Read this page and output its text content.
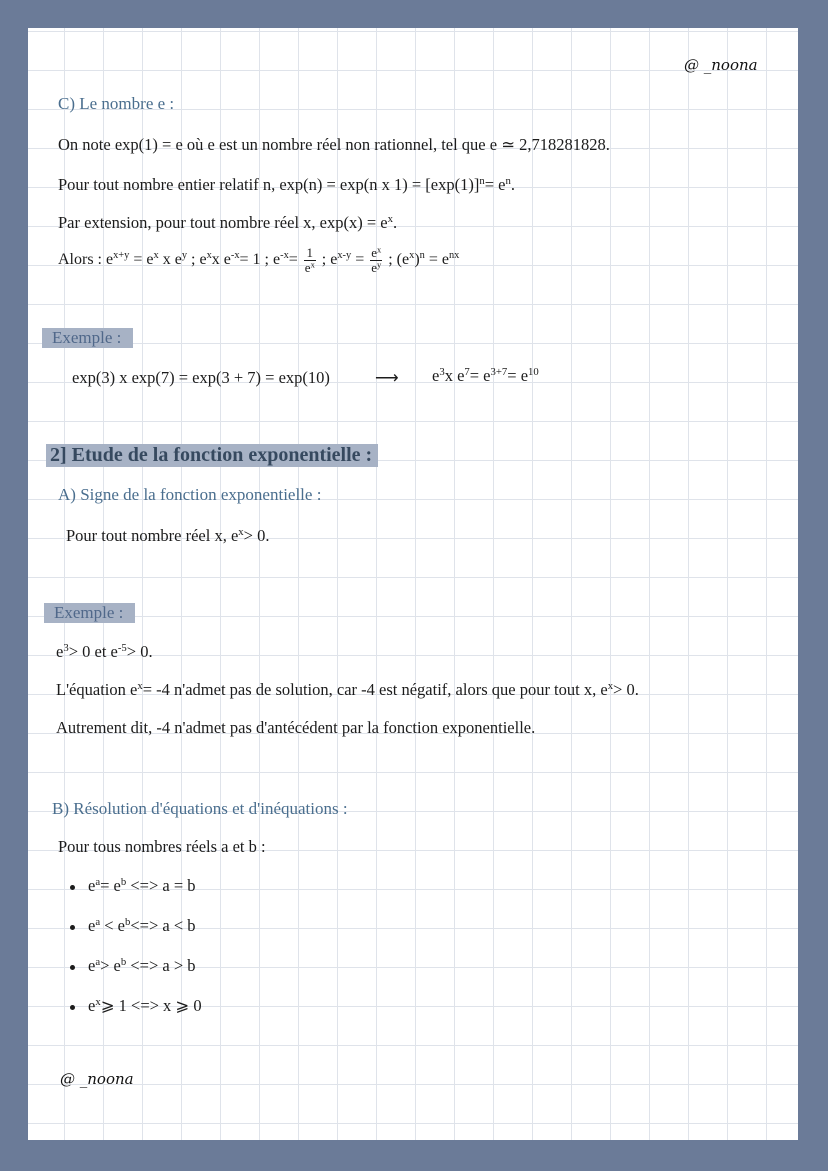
@ _noona
C) Le nombre e :
On note exp(1) = e où e est un nombre réel non rationnel, tel que e ≃ 2,718281828.
Pour tout nombre entier relatif n, exp(n) = exp(n x $1) = [\exp(1)]^n= e^n$.
Par extension, pour tout nombre réel x, $\exp(x) = e^x$.
Alors : $e^{x+y} = e^x$ x $e^y$ ; $e^xx$ $e^{-x}= 1$ ; $e^{-x}= \frac{1}{e^x}$ ; $e^{x-y} = \frac{e^x}{e^y}$ ; $(e^x)^n = e^{nx}$
Exemple :
exp(3) x exp(7) = exp(3 + 7) = exp(10)	⟶ $e^3x$ $e^7= e^{3+7}= e^{10}$
2] Etude de la fonction exponentielle :
A) Signe de la fonction exponentielle :
Pour tout nombre réel x, $e^x> 0$.
Exemple :
$e^3> 0$ et $e^{-5}> 0$.
L'équation $e^x= -4$ n'admet pas de solution, car -4 est négatif, alors que pour tout x, $e^x> 0$.
Autrement dit, -4 n'admet pas d'antécédent par la fonction exponentielle.
B) Résolution d'équations et d'inéquations :
Pour tous nombres réels a et b :
$e^a= e^b$ <=> a = b
$e^a < e^b<=> a < b$
$e^a> e^b$ <=> a > b
$e^x⩾$ 1 <=> x ⩾ 0
@ _noona
